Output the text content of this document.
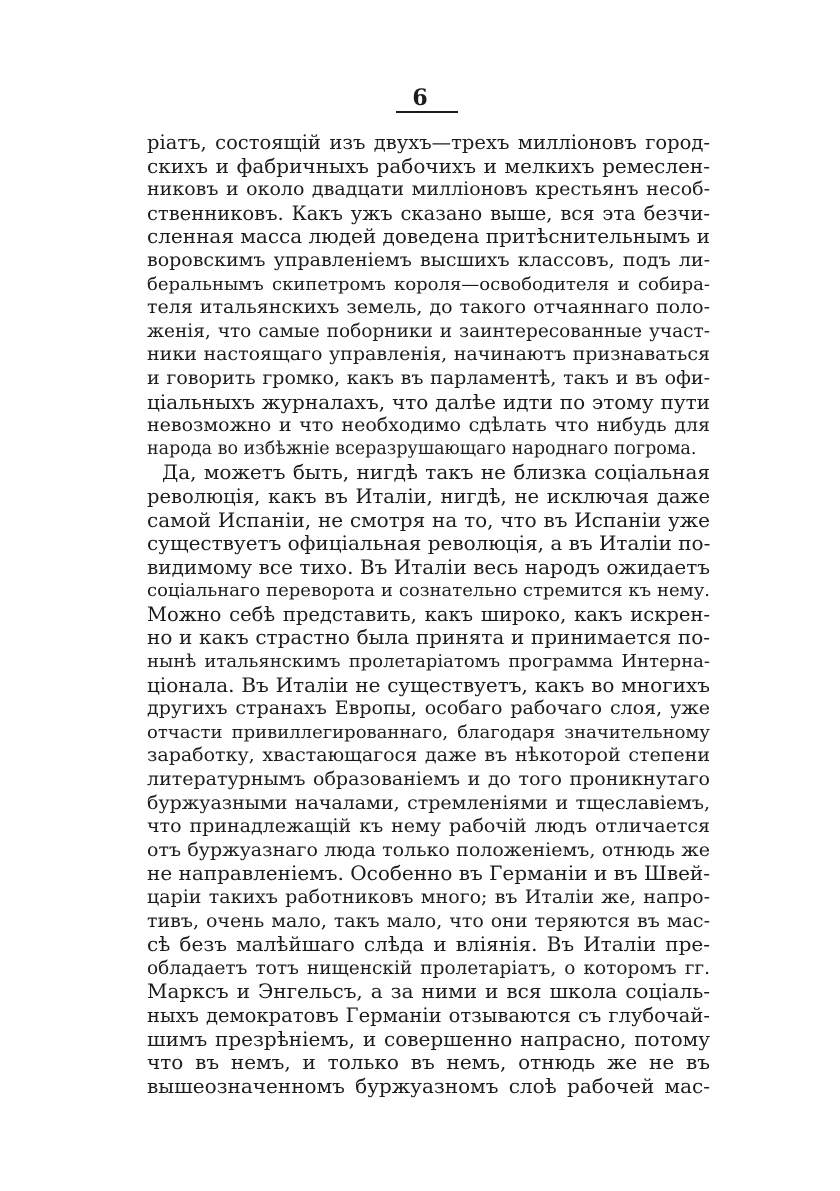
6
ріатъ, состоящій изъ двухъ—трехъ милліоновъ город-
скихъ и фабричныхъ рабочихъ и мелкихъ ремеслен-
никовъ и около двадцати милліоновъ крестьянъ несоб-
ственниковъ. Какъ ужъ сказано выше, вся эта безчи-
сленная масса людей доведена притѣснительнымъ и
воровскимъ управленіемъ высшихъ классовъ, подъ ли-
беральнымъ скипетромъ короля—освободителя и собира-
теля итальянскихъ земель, до такого отчаяннаго поло-
женія, что самые поборники и заинтересованные участ-
ники настоящаго управленія, начинаютъ признаваться
и говорить громко, какъ въ парламентѣ, такъ и въ офи-
ціальныхъ журналахъ, что далѣе идти по этому пути
невозможно и что необходимо сдѣлать что нибудь для
народа во избѣжніе всеразрушающаго народнаго погрома.
Да, можетъ быть, нигдѣ такъ не близка соціальная
революція, какъ въ Италіи, нигдѣ, не исключая даже
самой Испаніи, не смотря на то, что въ Испаніи уже
существуетъ офиціальная революція, а въ Италіи по-
видимому все тихо. Въ Италіи весь народъ ожидаетъ
соціальнаго переворота и сознательно стремится къ нему.
Можно себѣ представить, какъ широко, какъ искрен-
но и какъ страстно была принята и принимается по-
нынѣ итальянскимъ пролетаріатомъ программа Интерна-
ціонала. Въ Италіи не существуетъ, какъ во многихъ
другихъ странахъ Европы, особаго рабочаго слоя, уже
отчасти привиллегированнаго, благодаря значительному
заработку, хвастающагося даже въ нѣкоторой степени
литературнымъ образованіемъ и до того проникнутаго
буржуазными началами, стремленіями и тщеславіемъ,
что принадлежащій къ нему рабочій людъ отличается
отъ буржуазнаго люда только положеніемъ, отнюдь же
не направленіемъ. Особенно въ Германіи и въ Швей-
царіи такихъ работниковъ много; въ Италіи же, напро-
тивъ, очень мало, такъ мало, что они теряются въ мас-
сѣ безъ малѣйшаго слѣда и вліянія. Въ Италіи пре-
обладаетъ тотъ нищенскій пролетаріатъ, о которомъ гг.
Марксъ и Энгельсъ, а за ними и вся школа соціаль-
ныхъ демократовъ Германіи отзываются съ глубочай-
шимъ презрѣніемъ, и совершенно напрасно, потому
что въ немъ, и только въ немъ, отнюдь же не въ
вышеозначенномъ буржуазномъ слоѣ рабочей мас-
